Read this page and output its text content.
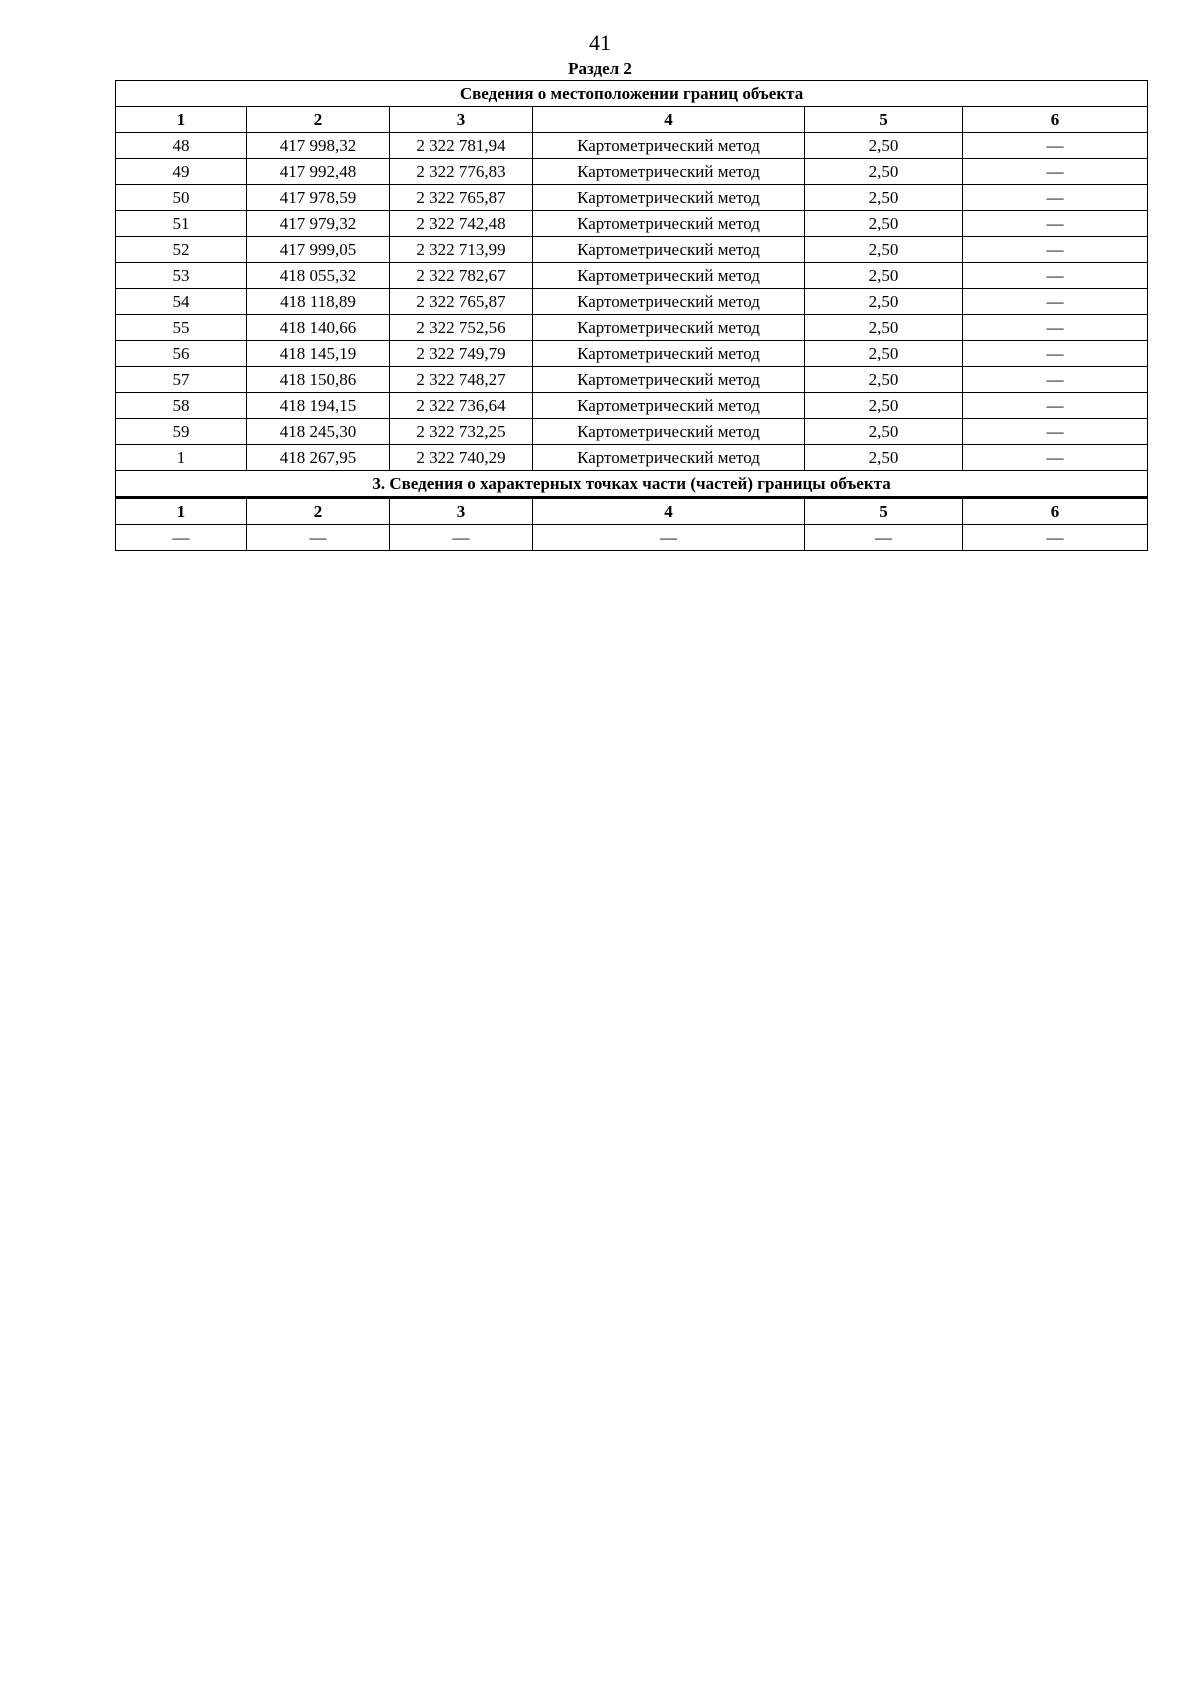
41
Раздел 2
Сведения о местоположении границ объекта					
1	2	3	4	5	6
48	417 998,32	2 322 781,94	Картометрический метод	2,50	—
49	417 992,48	2 322 776,83	Картометрический метод	2,50	—
50	417 978,59	2 322 765,87	Картометрический метод	2,50	—
51	417 979,32	2 322 742,48	Картометрический метод	2,50	—
52	417 999,05	2 322 713,99	Картометрический метод	2,50	—
53	418 055,32	2 322 782,67	Картометрический метод	2,50	—
54	418 118,89	2 322 765,87	Картометрический метод	2,50	—
55	418 140,66	2 322 752,56	Картометрический метод	2,50	—
56	418 145,19	2 322 749,79	Картометрический метод	2,50	—
57	418 150,86	2 322 748,27	Картометрический метод	2,50	—
58	418 194,15	2 322 736,64	Картометрический метод	2,50	—
59	418 245,30	2 322 732,25	Картометрический метод	2,50	—
1	418 267,95	2 322 740,29	Картометрический метод	2,50	—
3. Сведения о характерных точках части (частей) границы объекта					
1	2	3	4	5	6
—	—	—	—	—	—
